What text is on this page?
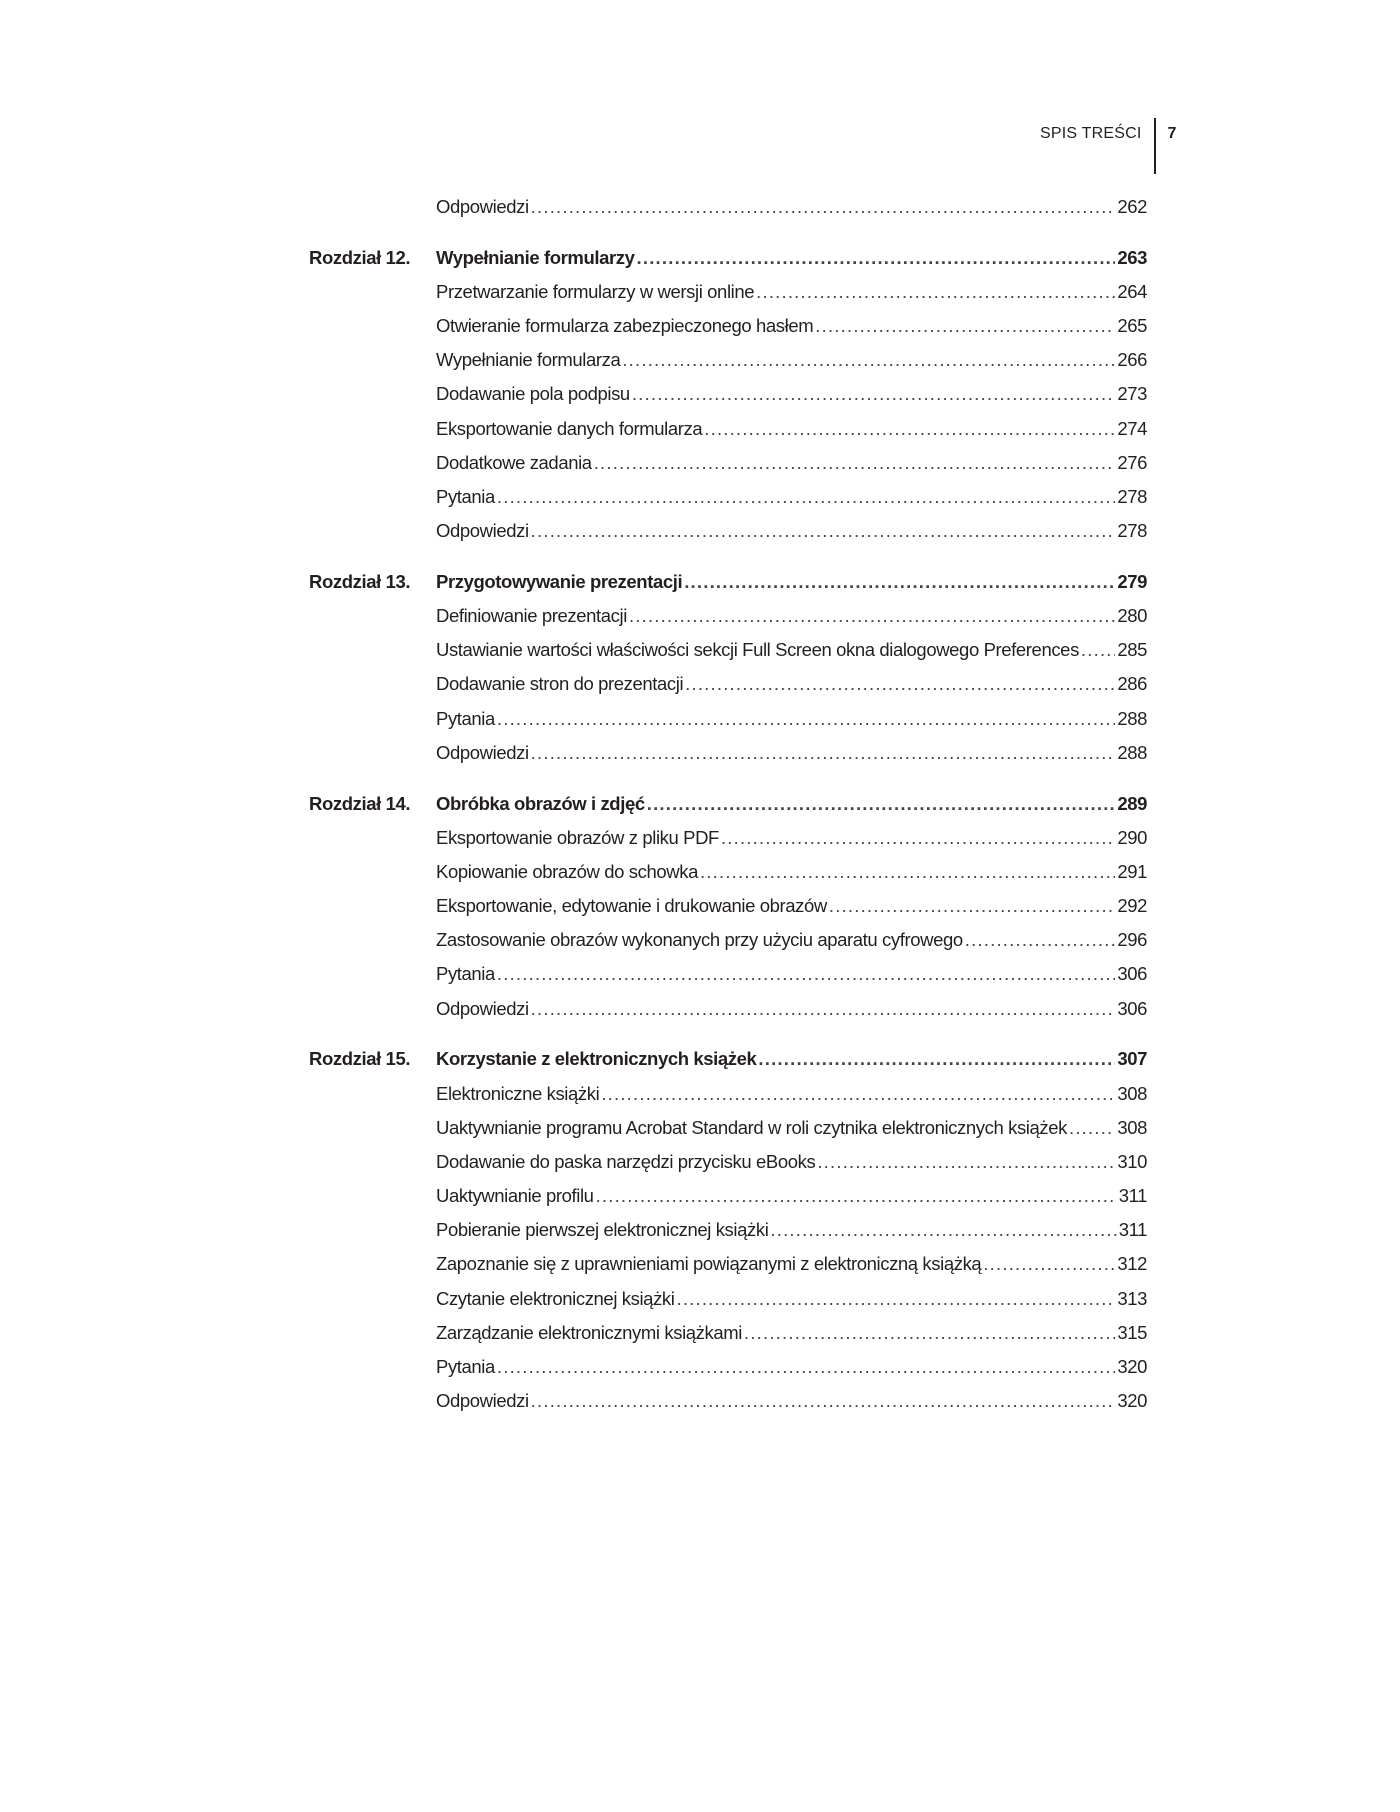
SPIS TREŚCI	7
Odpowiedzi .....	262
Rozdział 12. Wypełnianie formularzy .....	263
Przetwarzanie formularzy w wersji online .....	264
Otwieranie formularza zabezpieczonego hasłem .....	265
Wypełnianie formularza .....	266
Dodawanie pola podpisu .....	273
Eksportowanie danych formularza .....	274
Dodatkowe zadania .....	276
Pytania .....	278
Odpowiedzi .....	278
Rozdział 13. Przygotowywanie prezentacji .....	279
Definiowanie prezentacji .....	280
Ustawianie wartości właściwości sekcji Full Screen okna dialogowego Preferences ..... 285
Dodawanie stron do prezentacji .....	286
Pytania .....	288
Odpowiedzi .....	288
Rozdział 14. Obróbka obrazów i zdjęć .....	289
Eksportowanie obrazów z pliku PDF .....	290
Kopiowanie obrazów do schowka .....	291
Eksportowanie, edytowanie i drukowanie obrazów .....	292
Zastosowanie obrazów wykonanych przy użyciu aparatu cyfrowego .....	296
Pytania .....	306
Odpowiedzi .....	306
Rozdział 15. Korzystanie z elektronicznych książek .....	307
Elektroniczne książki .....	308
Uaktywnianie programu Acrobat Standard w roli czytnika elektronicznych książek .....	308
Dodawanie do paska narzędzi przycisku eBooks .....	310
Uaktywnianie profilu .....	311
Pobieranie pierwszej elektronicznej książki .....	311
Zapoznanie się z uprawnieniami powiązanymi z elektroniczną książką .....	312
Czytanie elektronicznej książki .....	313
Zarządzanie elektronicznymi książkami .....	315
Pytania .....	320
Odpowiedzi .....	320
